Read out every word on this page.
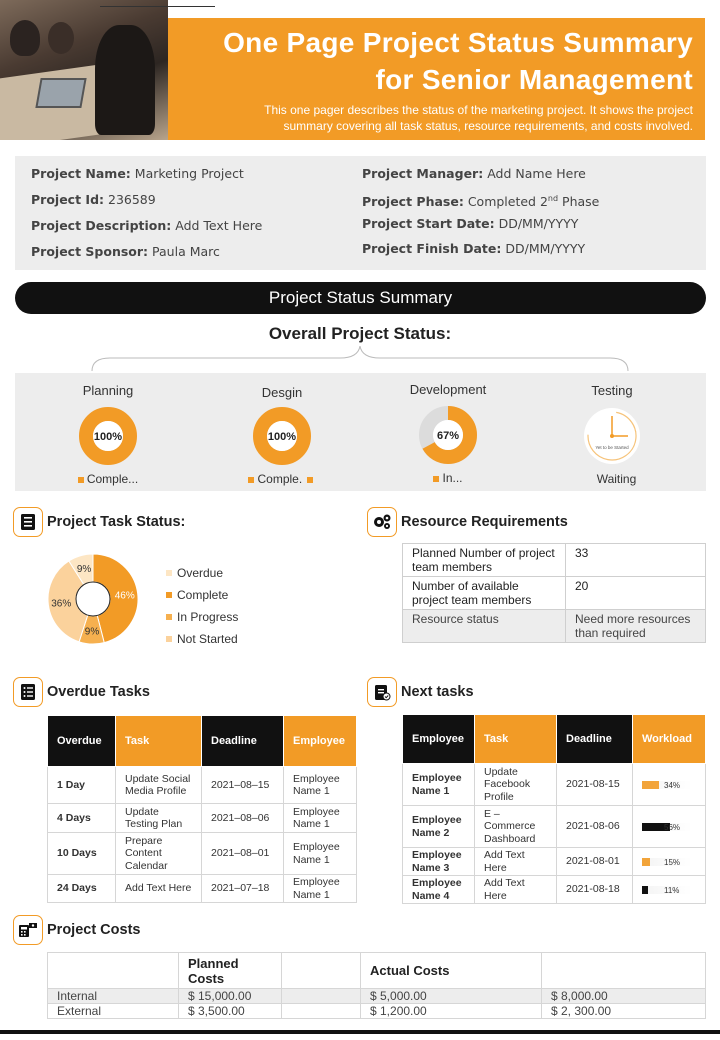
One Page Project Status Summary
for Senior Management
This one pager describes the status of the marketing project. It shows the project
summary covering all task status, resource requirements, and costs involved.
Project Name: Marketing Project
Project Id: 236589
Project Description: Add Text Here
Project Sponsor: Paula Marc
Project Manager: Add Name Here
Project Phase: Completed 2nd Phase
Project Start Date: DD/MM/YYYY
Project Finish Date: DD/MM/YYYY
Project Status Summary
Overall Project Status:
Planning
100%
Comple...
Desgin
100%
Comple.
Development
67%
In...
Testing
Yet to be Started
Waiting
Project Task Status:
46%
9%
36%
9%	Overdue
Complete
In Progress
Not Started
Resource Requirements
Planned Number of project team members	33
Number of available project team members	20
Resource status	Need more resources than required
Overdue Tasks
Overdue	Task	Deadline	Employee
1 Day	Update Social Media Profile	2021–08–15	Employee Name 1
4 Days	Update Testing Plan	2021–08–06	Employee Name 1
10 Days	Prepare Content Calendar	2021–08–01	Employee Name 1
24 Days	Add Text Here	2021–07–18	Employee Name 1
Next tasks
Employee	Task	Deadline	Workload
Employee Name 1	Update Facebook Profile	2021-08-15	34%

Employee Name 2	E – Commerce Dashboard	2021-08-06	56%

Employee Name 3	Add Text Here	2021-08-01	15%

Employee Name 4	Add Text Here	2021-08-18	11%
Project Costs
	Planned Costs		Actual Costs	
Internal	$ 15,000.00		$ 5,000.00	$ 8,000.00
External	$ 3,500.00		$ 1,200.00	$ 2, 300.00
